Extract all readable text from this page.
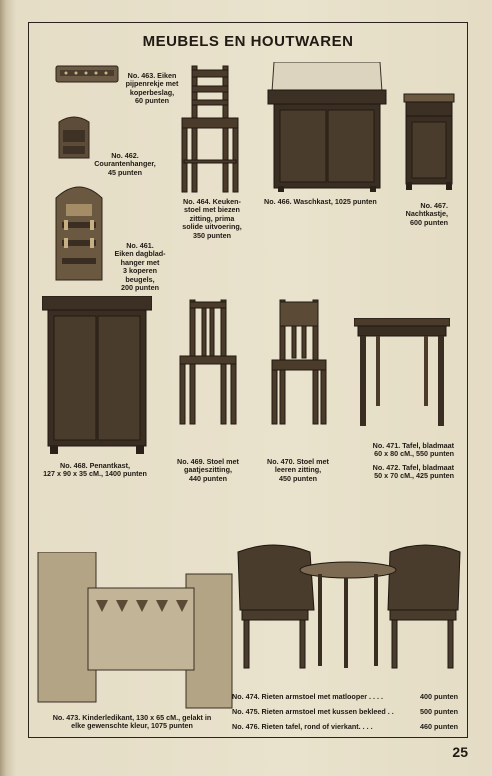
MEUBELS EN HOUTWAREN
No. 463. Eiken
pijpenrekje met
koperbeslag,
60 punten
No. 462.
Courantenhanger,
45 punten
No. 461.
Eiken dagblad-
hanger met
3 koperen
beugels,
200 punten
No. 464. Keuken-
stoel met biezen
zitting, prima
solide uitvoering,
350 punten
No. 466. Waschkast, 1025 punten	No. 467.
Nachtkastje,
600 punten
No. 468. Penantkast,
127 x 90 x 35 cM., 1400 punten
No. 469. Stoel met
gaatjeszitting,
440 punten
No. 470. Stoel met
leeren zitting,
450 punten
No. 471. Tafel, bladmaat
60 x 80 cM., 550 punten
No. 472. Tafel, bladmaat
50 x 70 cM., 425 punten
No. 473. Kinderledikant, 130 x 65 cM., gelakt in
elke gewenschte kleur, 1075 punten
No. 474. Rieten armstoel met matlooper . . . .	400 punten
No. 475. Rieten armstoel met kussen bekleed . .	500 punten
No. 476. Rieten tafel, rond of vierkant. . . .	460 punten
25
